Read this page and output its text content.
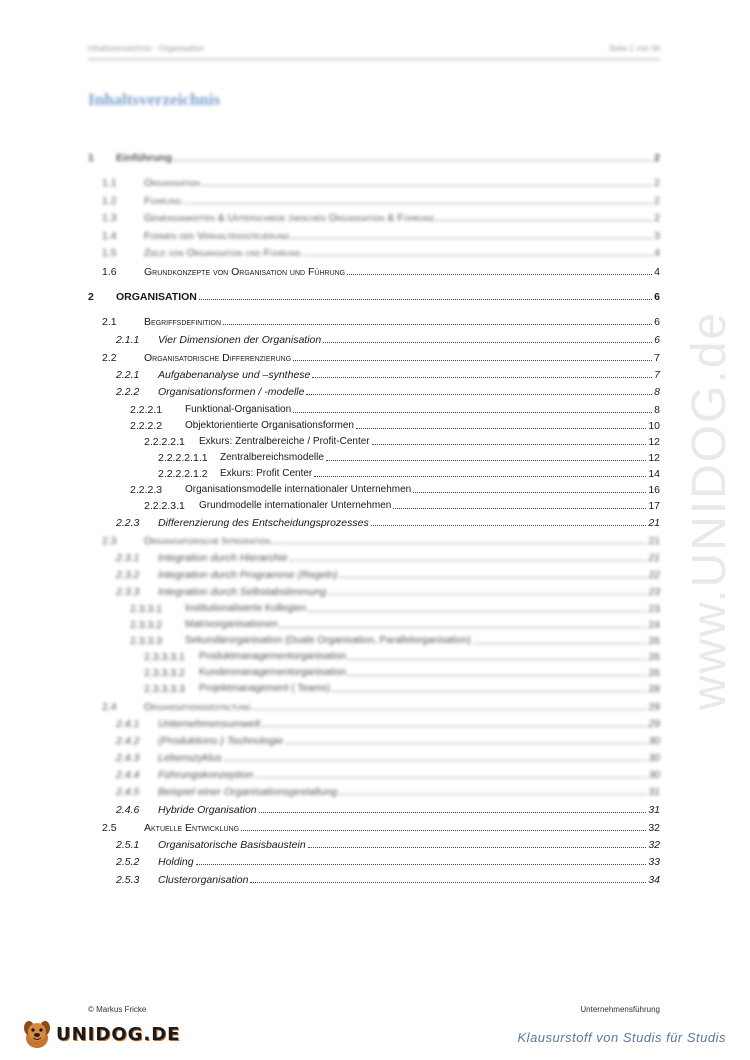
Inhaltsverzeichnis - Organisation	Seite 1 von 34
Inhaltsverzeichnis
www.UNIDOG.de
1	Einführung	2
1.1	Organisation	2
1.2	Führung	2
1.3	Gemeinsamkeiten & Unterschiede zwischen Organisation & Führung	2
1.4	Formen der Verhaltenssteuerung	3
1.5	Ziele von Organisation und Führung	4
1.6	Grundkonzepte von Organisation und Führung	4
2	ORGANISATION	6
2.1	Begriffsdefinition	6
2.1.1	Vier Dimensionen der Organisation	6
2.2	Organisatorische Differenzierung	7
2.2.1	Aufgabenanalyse und –synthese	7
2.2.2	Organisationsformen / -modelle	8
2.2.2.1	Funktional-Organisation	8
2.2.2.2	Objektorientierte Organisationsformen	10
2.2.2.2.1	Exkurs: Zentralbereiche / Profit-Center	12
2.2.2.2.1.1	Zentralbereichsmodelle	12
2.2.2.2.1.2	Exkurs: Profit Center	14
2.2.2.3	Organisationsmodelle internationaler Unternehmen	16
2.2.2.3.1	Grundmodelle internationaler Unternehmen	17
2.2.3	Differenzierung des Entscheidungsprozesses	21
2.3	Organisatorische Integration	21
2.3.1	Integration durch Hierarchie	21
2.3.2	Integration durch Programme (Regeln)	22
2.3.3	Integration durch Selbstabstimmung	23
2.3.3.1	Institutionalisierte Kollegien	23
2.3.3.2	Matrixorganisationen	24
2.3.3.3	Sekundärorganisation (Duale Organisation, Parallelorganisation)	26
2.3.3.3.1	Produktmanagementorganisation	26
2.3.3.3.2	Kundenmanagementorganisation	26
2.3.3.3.3	Projektmanagement ( Teams)	28
2.4	Organisationsgestaltung	29
2.4.1	Unternehmensumwelt	29
2.4.2	(Produktions-) Technologie	30
2.4.3	Lebenszyklus	30
2.4.4	Führungskonzeption	30
2.4.5	Beispiel einer Organisationsgestaltung	31
2.4.6	Hybride Organisation	31
2.5	Aktuelle Entwicklung	32
2.5.1	Organisatorische Basisbaustein	32
2.5.2	Holding	33
2.5.3	Clusterorganisation	34
© Markus Fricke	Unternehmensführung
UNIDOG.DE	Klausurstoff von Studis für Studis
